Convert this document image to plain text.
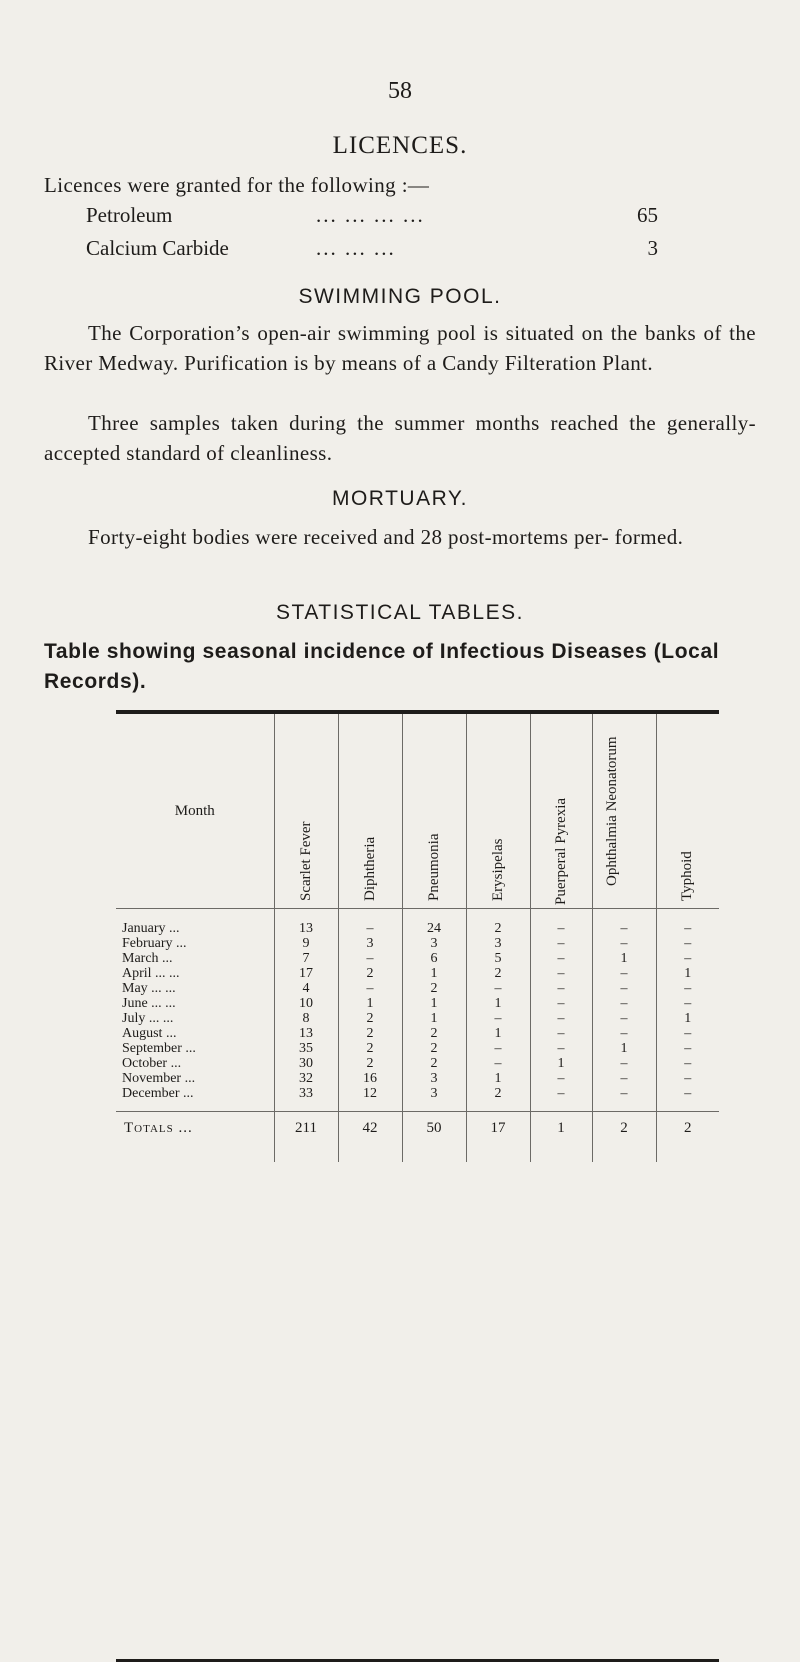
58
LICENCES.
Licences were granted for the following :—
Petroleum	... ... ... ...	65
Calcium Carbide	... ... ...	3
SWIMMING POOL.
The Corporation’s open-air swimming pool is situated on the banks of the River Medway. Purification is by means of a Candy Filteration Plant.
Three samples taken during the summer months reached the generally-accepted standard of cleanliness.
MORTUARY.
Forty-eight bodies were received and 28 post-mortems per- formed.
STATISTICAL TABLES.
Table showing seasonal incidence of Infectious Diseases (Local Records).
Month	Scarlet Fever	Diphtheria	Pneumonia	Erysipelas	Puerperal Pyrexia	Ophthalmia Neonatorum	Typhoid

January ...	13	–	24	2	–	–	–
February ...	9	3	3	3	–	–	–
March ...	7	–	6	5	–	1	–
April ... ...	17	2	1	2	–	–	1
May ... ...	4	–	2	–	–	–	–
June ... ...	10	1	1	1	–	–	–
July ... ...	8	2	1	–	–	–	1
August ...	13	2	2	1	–	–	–
September ...	35	2	2	–	–	1	–
October ...	30	2	2	–	1	–	–
November ...	32	16	3	1	–	–	–
December ...	33	12	3	2	–	–	–
Totals ...	211	42	50	17	1	2	2
